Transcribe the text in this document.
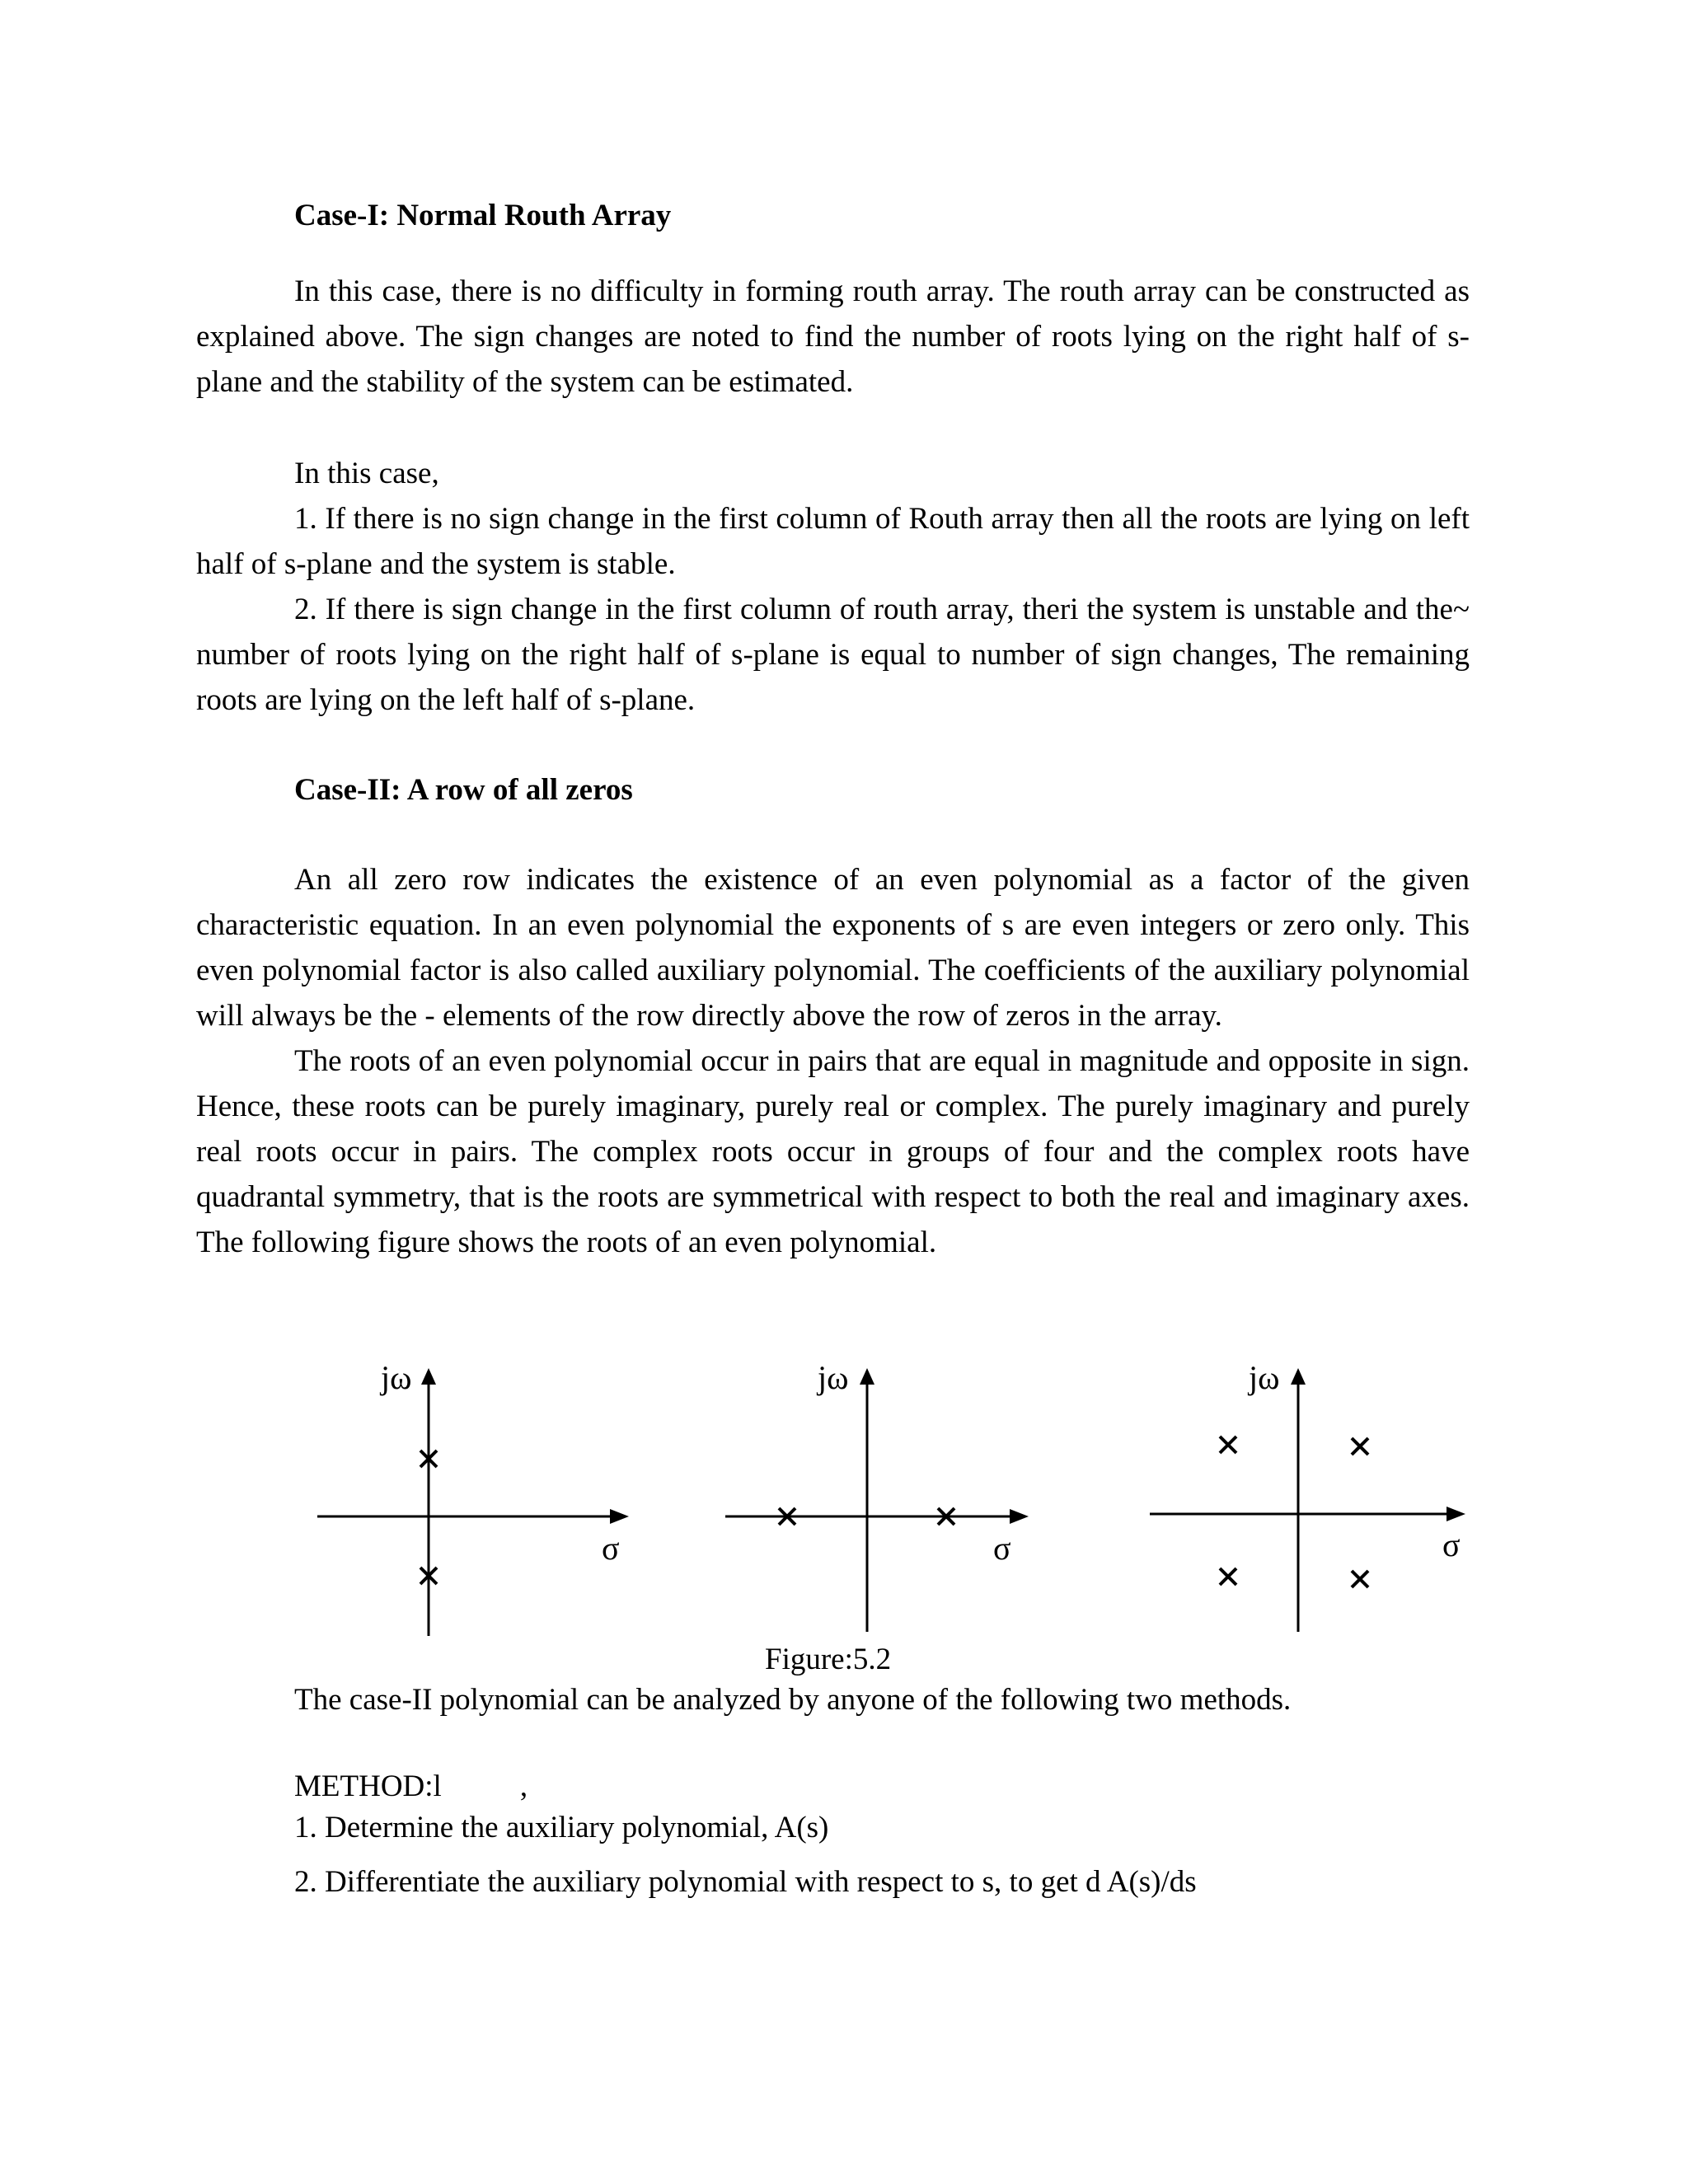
Case-I: Normal Routh Array

In this case, there is no difficulty in forming routh array. The routh array can be constructed as explained above. The sign changes are noted to find the number of roots lying on the right half of s-plane and the stability of the system can be estimated.

In this case,

1. If there is no sign change in the first column of Routh array then all the roots are lying on left half of s-plane and the system is stable.

2. If there is sign change in the first column of routh array, theri the system is unstable and the~ number of roots lying on the right half of s-plane is equal to number of sign changes, The remaining roots are lying on the left half of s-plane.

Case-II: A row of all zeros

An all zero row indicates the existence of an even polynomial as a factor of the given characteristic equation. In an even polynomial the exponents of s are even integers or zero only. This even polynomial factor is also called auxiliary polynomial. The coefficients of the auxiliary polynomial will always be the - elements of the row directly above the row of zeros in the array.

The roots of an even polynomial occur in pairs that are equal in magnitude and opposite in sign. Hence, these roots can be purely imaginary, purely real or complex. The purely imaginary and purely real roots occur in pairs. The complex roots occur in groups of four and the complex roots have quadrantal symmetry, that is the roots are symmetrical with respect to both the real and imaginary axes. The following figure shows the roots of an even polynomial.

jω
σ
jω
σ
jω
σ
Figure:5.2
The case-II polynomial can be analyzed by anyone of the following two methods.
METHOD:l	,
1. Determine the auxiliary polynomial, A(s)
2. Differentiate the auxiliary polynomial with respect to s, to get d A(s)/ds
